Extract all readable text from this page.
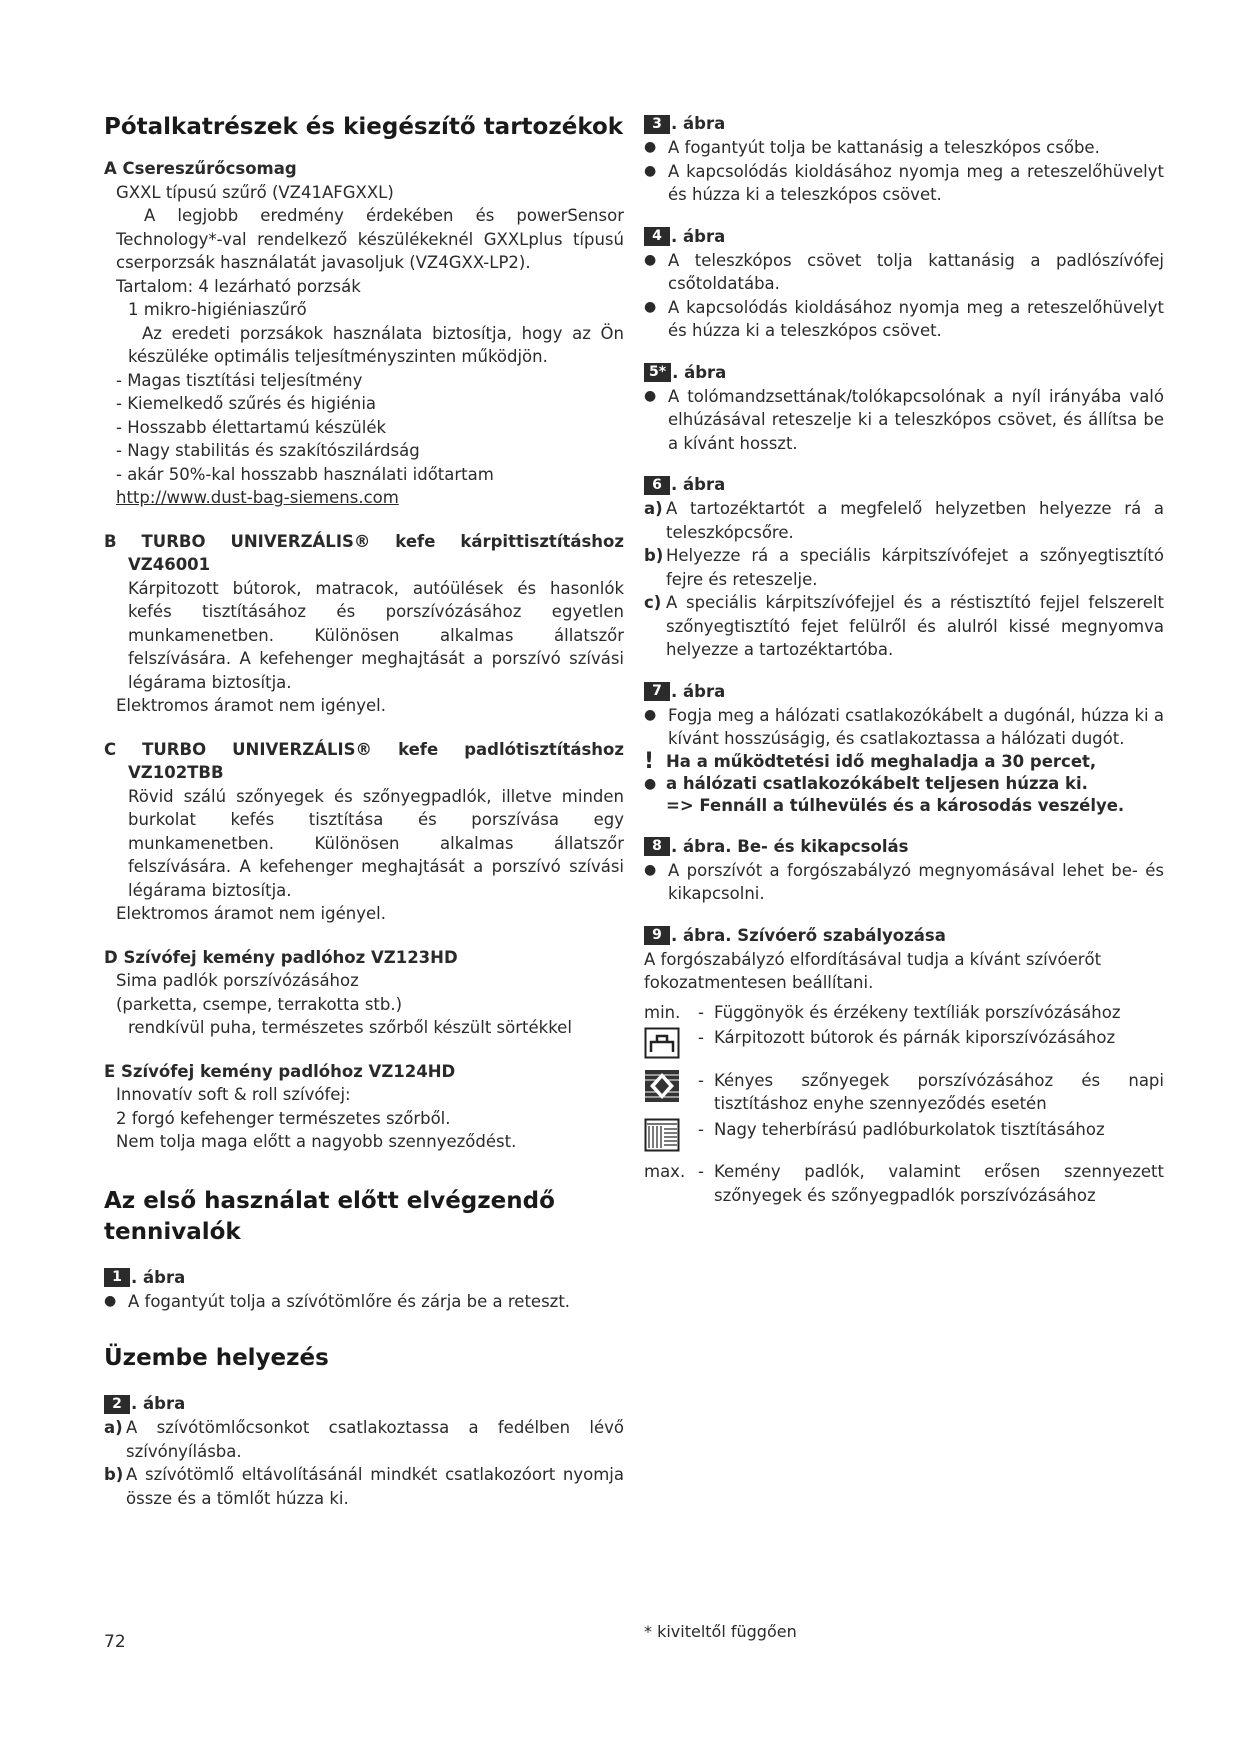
Pótalkatrészek és kiegészítő tartozékok
A Csereszűrőcsomag
GXXL típusú szűrő (VZ41AFGXXL)
A legjobb eredmény érdekében és powerSensor Technology*-val rendelkező készülékeknél GXXLplus típusú cserporzsák használatát javasoljuk (VZ4GXX-LP2).
Tartalom: 4 lezárható porzsák
1 mikro-higiéniaszűrő
Az eredeti porzsákok használata biztosítja, hogy az Ön készüléke optimális teljesítményszinten működjön.
- Magas tisztítási teljesítmény
- Kiemelkedő szűrés és higiénia
- Hosszabb élettartamú készülék
- Nagy stabilitás és szakítószilárdság
- akár 50%-kal hosszabb használati időtartam
http://www.dust-bag-siemens.com
B TURBO UNIVERZÁLIS® kefe kárpittisztításhoz
VZ46001
Kárpitozott bútorok, matracok, autóülések és hasonlók kefés tisztításához és porszívózásához egyetlen munkamenetben. Különösen alkalmas állatszőr felszívására. A kefehenger meghajtását a porszívó szívási légárama biztosítja.
Elektromos áramot nem igényel.
C TURBO UNIVERZÁLIS® kefe padlótisztításhoz
VZ102TBB
Rövid szálú szőnyegek és szőnyegpadlók, illetve minden burkolat kefés tisztítása és porszívása egy munkamenetben. Különösen alkalmas állatszőr felszívására. A kefehenger meghajtását a porszívó szívási légárama biztosítja.
Elektromos áramot nem igényel.
D Szívófej kemény padlóhoz VZ123HD
Sima padlók porszívózásához
(parketta, csempe, terrakotta stb.)
rendkívül puha, természetes szőrből készült sörtékkel
E Szívófej kemény padlóhoz VZ124HD
Innovatív soft & roll szívófej:
2 forgó kefehenger természetes szőrből.
Nem tolja maga előtt a nagyobb szennyeződést.
Az első használat előtt elvégzendő tennivalók
1 . ábra
● A fogantyút tolja a szívótömlőre és zárja be a reteszt.
Üzembe helyezés
2 . ábra
a) A szívótömlőcsonkot csatlakoztassa a fedélben lévő szívónyílásba.
b) A szívótömlő eltávolításánál mindkét csatlakozóort nyomja össze és a tömlőt húzza ki.
3 . ábra
● A fogantyút tolja be kattanásig a teleszkópos csőbe.
● A kapcsolódás kioldásához nyomja meg a reteszelőhüvelyt és húzza ki a teleszkópos csövet.
4 . ábra
● A teleszkópos csövet tolja kattanásig a padlószívófej csőtoldatába.
● A kapcsolódás kioldásához nyomja meg a reteszelőhüvelyt és húzza ki a teleszkópos csövet.
5* . ábra
● A tolómandzsettának/tolókapcsolónak a nyíl irányába való elhúzásával reteszelje ki a teleszkópos csövet, és állítsa be a kívánt hosszt.
6 . ábra
a) A tartozéktartót a megfelelő helyzetben helyezze rá a teleszkópcsőre.
b) Helyezze rá a speciális kárpitszívófejet a szőnyegtisztító fejre és reteszelje.
c) A speciális kárpitszívófejjel és a réstisztító fejjel felszerelt szőnyegtisztító fejet felülről és alulról kissé megnyomva helyezze a tartozéktartóba.
7 . ábra
● Fogja meg a hálózati csatlakozókábelt a dugónál, húzza ki a kívánt hosszúságig, és csatlakoztassa a hálózati dugót.
! Ha a működtetési idő meghaladja a 30 percet,
● a hálózati csatlakozókábelt teljesen húzza ki.
=> Fennáll a túlhevülés és a károsodás veszélye.
8 . ábra. Be- és kikapcsolás
● A porszívót a forgószabályzó megnyomásával lehet be- és kikapcsolni.
9 . ábra. Szívóerő szabályozása
A forgószabályzó elfordításával tudja a kívánt szívóerőt fokozatmentesen beállítani.
min.	- Függönyök és érzékeny textíliák porszívózásához
- Kárpitozott bútorok és párnák kiporszívózásához
- Kényes szőnyegek porszívózásához és napi tisztításhoz enyhe szennyeződés esetén
- Nagy teherbírású padlóburkolatok tisztításához
max. - Kemény padlók, valamint erősen szennyezett szőnyegek és szőnyegpadlók porszívózásához
72
* kiviteltől függően
